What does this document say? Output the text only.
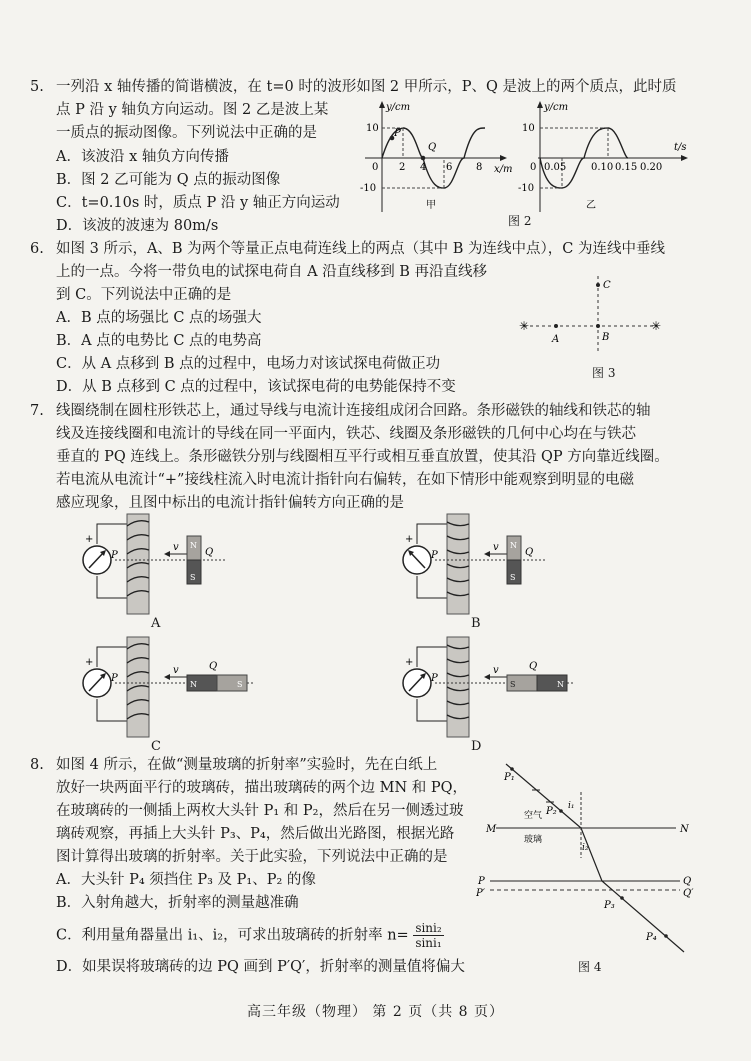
5. 一列沿 x 轴传播的简谐横波，在 t=0 时的波形如图 2 甲所示，P、Q 是波上的两个质点，此时质

点 P 沿 y 轴负方向运动。图 2 乙是波上某

一质点的振动图像。下列说法中正确的是

A．该波沿 x 轴负方向传播

B．图 2 乙可能为 Q 点的振动图像

C．t=0.10s 时，质点 P 沿 y 轴正方向运动

D．该波的波速为 80m/s

y/cm
x/m
10
-10
0 2 4 6 8
P
Q
甲
y/cm
t/s
10
-10
0 0.05 0.10 0.15 0.20
乙
图 2
6. 如图 3 所示，A、B 为两个等量正点电荷连线上的两点（其中 B 为连线中点），C 为连线中垂线

上的一点。今将一带负电的试探电荷自 A 沿直线移到 B 再沿直线移

到 C。下列说法中正确的是

A．B 点的场强比 C 点的场强大

B．A 点的电势比 C 点的电势高

C．从 A 点移到 B 点的过程中，电场力对该试探电荷做正功

D．从 B 点移到 C 点的过程中，该试探电荷的电势能保持不变

✳	✳
A	B
C
图 3
7. 线圈绕制在圆柱形铁芯上，通过导线与电流计连接组成闭合回路。条形磁铁的轴线和铁芯的轴

线及连接线圈和电流计的导线在同一平面内，铁芯、线圈及条形磁铁的几何中心均在与铁芯

垂直的 PQ 连线上。条形磁铁分别与线圈相互平行或相互垂直放置，使其沿 QP 方向靠近线圈。

若电流从电流计“+”接线柱流入时电流计指针向右偏转，在如下情形中能观察到明显的电磁

感应现象，且图中标出的电流计指针偏转方向正确的是

+
P
v	Q
N
S
A
+
P
v	Q
N
S
B
+
P
v	Q
N	S
C
+
P
v	Q
S	N
D
8. 如图 4 所示，在做“测量玻璃的折射率”实验时，先在白纸上

放好一块两面平行的玻璃砖，描出玻璃砖的两个边 MN 和 PQ，

在玻璃砖的一侧插上两枚大头针 P₁ 和 P₂，然后在另一侧透过玻

璃砖观察，再插上大头针 P₃、P₄，然后做出光路图，根据光路

图计算得出玻璃的折射率。关于此实验，下列说法中正确的是

A．大头针 P₄ 须挡住 P₃ 及 P₁、P₂ 的像

B．入射角越大，折射率的测量越准确

C．利用量角器量出 i₁、i₂，可求出玻璃砖的折射率 $n= \frac{\text{sini₂}}{\text{sini₁}}$

D．如果误将玻璃砖的边 PQ 画到 P′Q′，折射率的测量值将偏大

P₁
P₂ i₁
空气
M	N
玻璃
i₂
P
P′
Q
Q′
P₃
P₄
图 4
高三年级（物理） 第 2 页（共 8 页）
